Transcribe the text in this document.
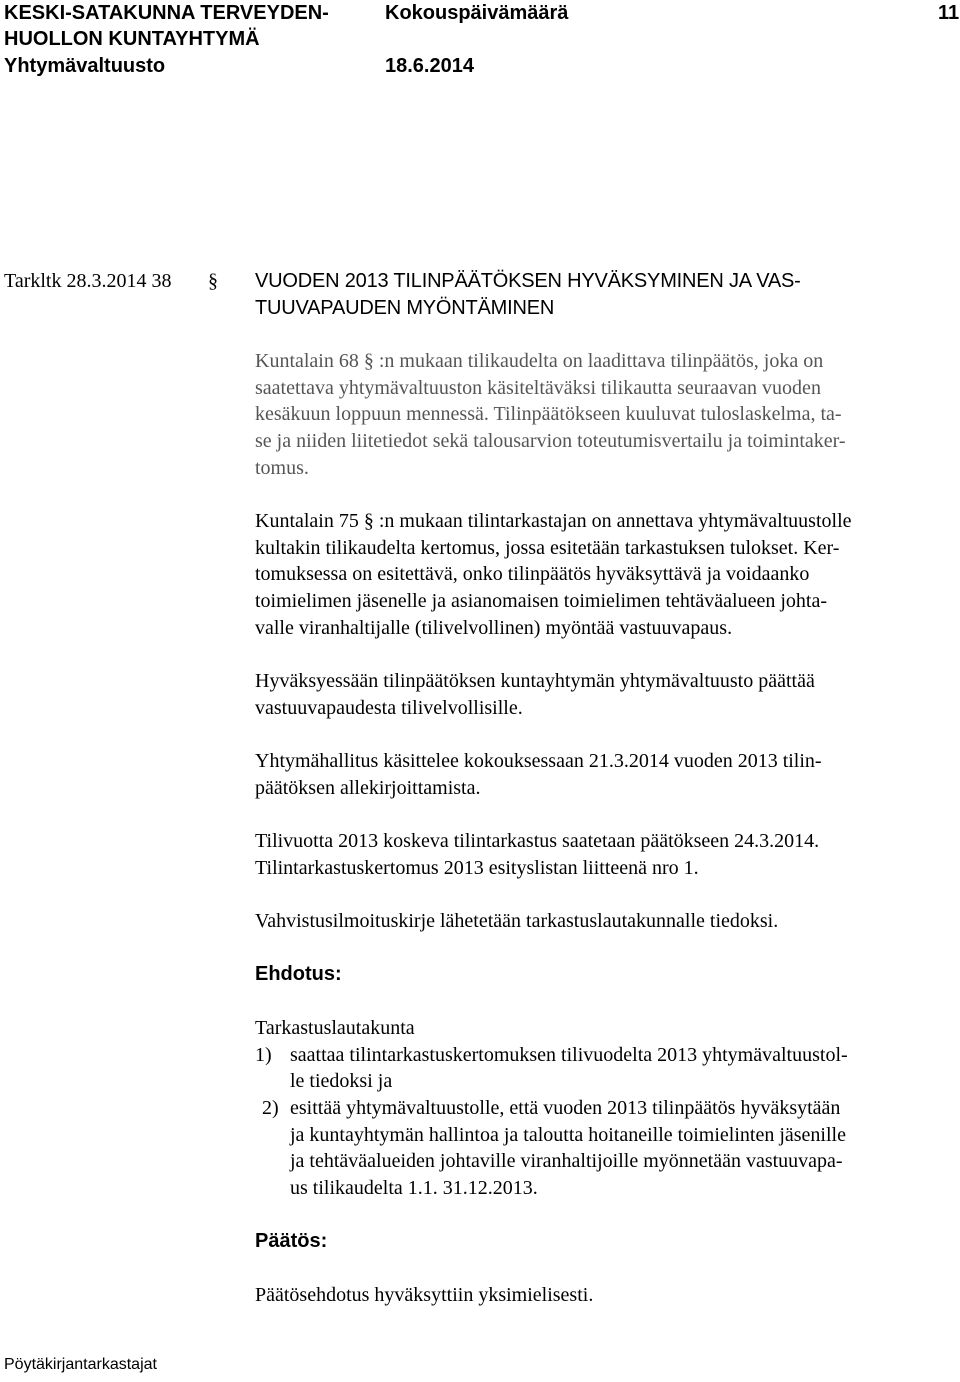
KESKI-SATAKUNNA TERVEYDEN-
HUOLLON KUNTAYHTYMÄ
Yhtymävaltuusto
Kokouspäivämäärä
18.6.2014
11
Tarkltk 28.3.2014 38 § VUODEN 2013 TILINPÄÄTÖKSEN HYVÄKSYMINEN JA VAS-
TUUVAPAUDEN MYÖNTÄMINEN
Kuntalain 68 § :n mukaan tilikaudelta on laadittava tilinpäätös, joka on
saatettava yhtymävaltuuston käsiteltäväksi tilikautta seuraavan vuoden
kesäkuun loppuun mennessä. Tilinpäätökseen kuuluvat tuloslaskelma, ta-
se ja niiden liitetiedot sekä talousarvion toteutumisvertailu ja toimintaker-
tomus.
Kuntalain 75 § :n mukaan tilintarkastajan on annettava yhtymävaltuustolle
kultakin tilikaudelta kertomus, jossa esitetään tarkastuksen tulokset. Ker-
tomuksessa on esitettävä, onko tilinpäätös hyväksyttävä ja voidaanko
toimielimen jäsenelle ja asianomaisen toimielimen tehtäväalueen johta-
valle viranhaltijalle (tilivelvollinen) myöntää vastuuvapaus.
Hyväksyessään tilinpäätöksen kuntayhtymän yhtymävaltuusto päättää
vastuuvapaudesta tilivelvollisille.
Yhtymähallitus käsittelee kokouksessaan 21.3.2014 vuoden 2013 tilin-
päätöksen allekirjoittamista.
Tilivuotta 2013 koskeva tilintarkastus saatetaan päätökseen 24.3.2014.
Tilintarkastuskertomus 2013 esityslistan liitteenä nro 1.
Vahvistusilmoituskirje lähetetään tarkastuslautakunnalle tiedoksi.
Ehdotus:
Tarkastuslautakunta
1) saattaa tilintarkastuskertomuksen tilivuodelta 2013 yhtymävaltuustol-
le tiedoksi ja
2) esittää yhtymävaltuustolle, että vuoden 2013 tilinpäätös hyväksytään
ja kuntayhtymän hallintoa ja taloutta hoitaneille toimielinten jäsenille
ja tehtäväalueiden johtaville viranhaltijoille myönnetään vastuuvapa-
us tilikaudelta 1.1. 31.12.2013.
Päätös:
Päätösehdotus hyväksyttiin yksimielisesti.
Pöytäkirjantarkastajat
